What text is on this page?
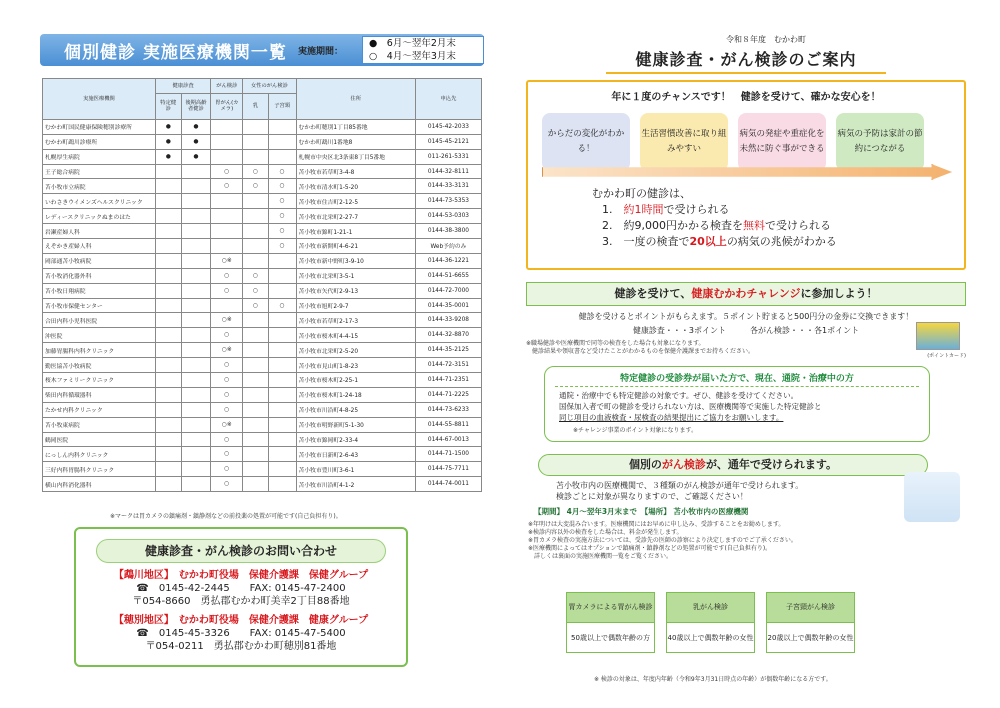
個別健診 実施医療機関一覧	実施期間：
●　6月〜翌年2月末
○　4月〜翌年3月末
実施医療機関	健康診査		がん検診	女性のがん検診		住所	申込先
	特定健診	後期高齢者健診	胃がん(カメラ)	乳	子宮頸		
むかわ町国民健康保険穂別診療所	●	●				むかわ町穂別1丁目85番地	0145-42-2033
むかわ町鵡川診療所	●	●				むかわ町鵡川1番地8	0145-45-2121
札幌厚生病院	●	●				札幌市中央区北3条東8丁目5番地	011-261-5331
王子総合病院			○	○	○	苫小牧市若草町3-4-8	0144-32-8111
苫小牧市立病院			○	○	○	苫小牧市清水町1-5-20	0144-33-3131
いわさきウイメンズヘルスクリニック					○	苫小牧市住吉町2-12-5	0144-73-5353
レディースクリニックぬまのはた					○	苫小牧市北栄町2-27-7	0144-53-0303
岩瀬産婦人科					○	苫小牧市錦町1-21-1	0144-38-3800
えぞかき産婦人科					○	苫小牧市新開町4-6-21	Web予約のみ
岡部通苫小牧病院			○※			苫小牧市新中野町3-9-10	0144-36-1221
苫小牧消化器外科			○	○		苫小牧市北栄町3-5-1	0144-51-6655
苫小牧日翔病院			○	○		苫小牧市矢代町2-9-13	0144-72-7000
苫小牧市保健センター				○	○	苫小牧市旭町2-9-7	0144-35-0001
合田内科小児科医院			○※			苫小牧市若草町2-17-3	0144-33-9208
沖医院			○			苫小牧市桜木町4-4-15	0144-32-8870
加藤胃腸科内科クリニック			○※			苫小牧市北栄町2-5-20	0144-35-2125
勤医協苫小牧病院			○			苫小牧市見山町1-8-23	0144-72-3151
桜木ファミリークリニック			○			苫小牧市桜木町2-25-1	0144-71-2351
柴田内科循環器科			○			苫小牧市桜木町1-24-18	0144-71-2225
たかせ内科クリニック			○			苫小牧市川沿町4-8-25	0144-73-6233
苫小牧東病院			○※			苫小牧市明野新町5-1-30	0144-55-8811
鶴岡医院			○			苫小牧市錦岡町2-33-4	0144-67-0013
にっしん内科クリニック			○			苫小牧市日新町2-6-43	0144-71-1500
三好内科胃腸科クリニック			○			苫小牧市豊川町3-6-1	0144-75-7711
横山内科消化器科			○			苫小牧市川沿町4-1-2	0144-74-0011
※マークは胃カメラの鎮痛剤・鎮静剤などの前投薬の処置が可能です(自己負担有り)。
健康診査・がん検診のお問い合わせ
【鵡川地区】　むかわ町役場　保健介護課　保健グループ
☎　0145-42-2445　　FAX: 0145-47-2400
〒054-8660　勇払郡むかわ町美幸2丁目88番地
【穂別地区】　むかわ町役場　保健介護課　健康グループ
☎　0145-45-3326　　FAX: 0145-47-5400
〒054-0211　勇払郡むかわ町穂別81番地
令和８年度　むかわ町
健康診査・がん検診のご案内
年に１度のチャンスです！　健診を受けて、確かな安心を！
からだの変化がわかる！
生活習慣改善に取り組みやすい
病気の発症や重症化を未然に防ぐ事ができる
病気の予防は家計の節約につながる
むかわ町の健診は、
1.　約1時間で受けられる
2.　約9,000円かかる検査を無料で受けられる
3.　一度の検査で20以上の病気の兆候がわかる
健診を受けて、健康むかわチャレンジに参加しよう！
健診を受けるとポイントがもらえます。５ポイント貯まると500円分の金券に交換できます！
健康診査・・・3ポイント　　　各がん検診・・・各1ポイント
※職場健診や医療機関で同等の検査をした場合も対象になります。
　健診結果や領収書など受けたことがわかるものを保健介護課までお持ちください。
(ポイントカード)
特定健診の受診券が届いた方で、現在、通院・治療中の方
通院・治療中でも特定健診の対象です。ぜひ、健診を受けてください。
国保加入者で町の健診を受けられない方は、医療機関等で実施した特定健診と
同じ項目の血液検査・尿検査の結果提出にご協力をお願いします。
※チャレンジ事業のポイント対象になります。
個別のがん検診が、通年で受けられます。
苫小牧市内の医療機関で、３種類のがん検診が通年で受けられます。
検診ごとに対象が異なりますので、ご確認ください！
【期間】 4月〜翌年3月末まで　【場所】 苫小牧市内の医療機関
※年明けは大変混み合います。医療機関にはお早めに申し込み、受診することをお勧めします。
※検診内容以外の検査をした場合は、料金が発生します。
※胃カメラ検査の実施方法については、受診先の医師の診察により決定しますのでご了承ください。
※医療機関によってはオプションで鎮痛剤・鎮静剤などの処置が可能です(自己負担有り)。
　詳しくは裏面の実施医療機関一覧をご覧ください。
胃カメラによる胃がん検診		乳がん検診		子宮頸がん検診
50歳以上で偶数年齢の方		40歳以上で偶数年齢の女性		20歳以上で偶数年齢の女性
※ 検診の対象は、年度内年齢（令和9年3月31日時点の年齢）が偶数年齢になる方です。
